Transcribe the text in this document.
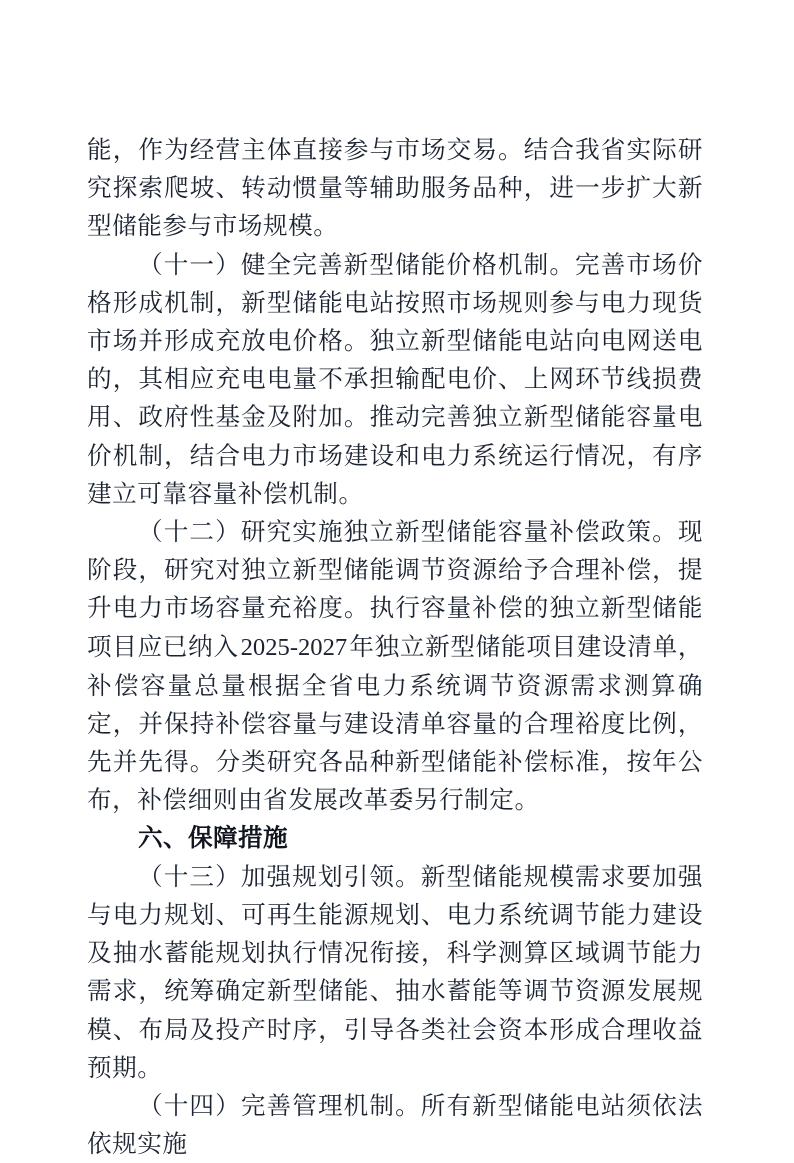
能，作为经营主体直接参与市场交易。结合我省实际研究探索爬坡、转动惯量等辅助服务品种，进一步扩大新型储能参与市场规模。

（十一）健全完善新型储能价格机制。完善市场价格形成机制，新型储能电站按照市场规则参与电力现货市场并形成充放电价格。独立新型储能电站向电网送电的，其相应充电电量不承担输配电价、上网环节线损费用、政府性基金及附加。推动完善独立新型储能容量电价机制，结合电力市场建设和电力系统运行情况，有序建立可靠容量补偿机制。

（十二）研究实施独立新型储能容量补偿政策。现阶段，研究对独立新型储能调节资源给予合理补偿，提升电力市场容量充裕度。执行容量补偿的独立新型储能项目应已纳入2025-2027年独立新型储能项目建设清单，补偿容量总量根据全省电力系统调节资源需求测算确定，并保持补偿容量与建设清单容量的合理裕度比例，先并先得。分类研究各品种新型储能补偿标准，按年公布，补偿细则由省发展改革委另行制定。

六、保障措施

（十三）加强规划引领。新型储能规模需求要加强与电力规划、可再生能源规划、电力系统调节能力建设及抽水蓄能规划执行情况衔接，科学测算区域调节能力需求，统筹确定新型储能、抽水蓄能等调节资源发展规模、布局及投产时序，引导各类社会资本形成合理收益预期。

（十四）完善管理机制。所有新型储能电站须依法依规实施
